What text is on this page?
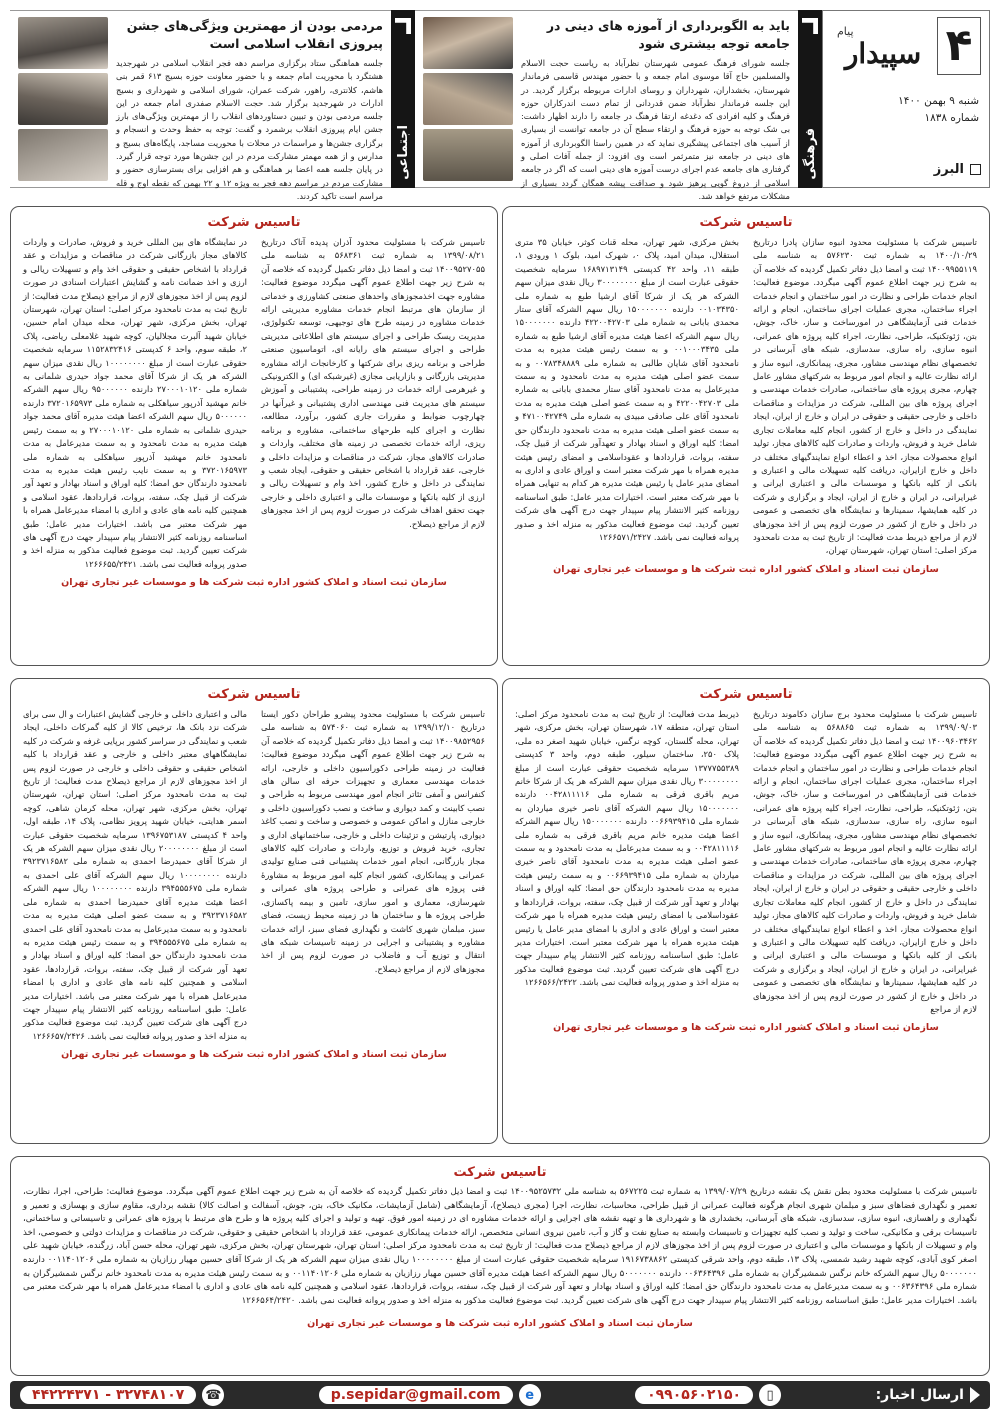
۴
پیام
سپیدار
شنبه ۹ بهمن ۱۴۰۰
شماره ۱۸۳۸
البرز
فرهنگی
باید به الگوبرداری از آموزه های دینی در جامعه توجه بیشتری شود

جلسه شورای فرهنگ عمومی شهرستان نظرآباد به ریاست حجت الاسلام والمسلمین حاج آقا موسوی امام جمعه و با حضور مهندس قاسمی فرماندار شهرستان، بخشداران، شهرداران و روسای ادارات مربوطه برگزار گردید. در این جلسه فرماندار نظرآباد ضمن قدردانی از تمام دست اندرکاران حوزه فرهنگ و کلیه افرادی که دغدغه ارتقا فرهنگ در جامعه را دارند اظهار داشت: بی شک توجه به حوزه فرهنگ و ارتقاء سطح آن در جامعه توانست از بسیاری از آسیب های اجتماعی پیشگیری نماید که در همین راستا الگوبرداری از آموزه های دینی در جامعه نیز متمرثمر است وی افزود: از جمله آفات اصلی و گرفتاری های جامعه عدم اجرای درست آموزه های دینی است که اگر در جامعه اسلامی از دروغ گویی پرهیز شود و صداقت پیشه همگان گردد بسیاری از مشکلات مرتفع خواهد شد.

اجتماعی
مردمی بودن از مهمترین ویژگی‌های جشن پیروزی انقلاب اسلامی است

جلسه هماهنگی ستاد برگزاری مراسم دهه فجر انقلاب اسلامی در شهرجدید هشتگرد با محوریت امام جمعه و با حضور معاونت حوزه بسیج ۶۱۳ قمر بنی هاشم، کلانتری، راهور، شرکت عمران، شورای اسلامی و شهرداری و بسیج ادارات در شهرجدید برگزار شد. حجت الاسلام صفدری امام جمعه در این جلسه مردمی بودن و تبیین دستاوردهای انقلاب را از مهمترین ویژگی‌های بارز جشن ایام پیروزی انقلاب برشمرد و گفت: توجه به حفظ وحدت و انسجام و برگزاری جشن‌ها و مراسمات در محلات با محوریت مساجد، پایگاه‌های بسیج و مدارس و از همه مهمتر مشارکت مردم در این جشن‌ها مورد توجه قرار گیرد. در پایان جلسه همه اعضا بر هماهنگی و هم افزایی برای بسترسازی حضور و مشارکت مردم در مراسم دهه فجر به ویژه ۱۲ و ۲۲ بهمن که نقطه اوج و قله مراسم است تاکید کردند.

تاسیس شرکت
تاسیس شرکت با مسئولیت محدود انبوه سازان پادرا درتاریخ ۱۴۰۰/۱۰/۲۹ به شماره ثبت ۵۷۶۲۳۰ به شناسه ملی ۱۴۰۰۹۹۵۵۱۱۹ ثبت و امضا ذیل دفاتر تکمیل گردیده که خلاصه آن به شرح زیر جهت اطلاع عموم آگهی میگردد. موضوع فعالیت: انجام خدمات طراحی و نظارت در امور ساختمان و انجام خدمات اجراء ساختمان، مجری عملیات اجرای ساختمان، انجام و ارائه خدمات فنی آزمایشگاهی در امورساخت و ساز، خاک، جوش، بتن، ژئوتکنیک، طراحی، نظارت، اجراء کلیه پروژه های عمرانی، انبوه سازی، راه سازی، سدسازی، شبکه های آبرسانی در تخصصهای نظام مهندسی مشاور، مجری، پیمانکاری، انبوه ساز و ارائه نظارت عالیه و انجام امور مربوط به شرکتهای مشاور عامل چهارم، مجری پروژه های ساختمانی، صادرات خدمات مهندسی و اجرای پروژه های بین المللی، شرکت در مزایدات و مناقصات داخلی و خارجی حقیقی و حقوقی در ایران و خارج از ایران، ایجاد نمایندگی در داخل و خارج از کشور، انجام کلیه معاملات تجاری شامل خرید و فروش، واردات و صادرات کلیه کالاهای مجاز، تولید انواع محصولات مجاز، اخذ و اعطاء انواع نمایندگیهای مختلف در داخل و خارج ازایران، دریافت کلیه تسهیلات مالی و اعتباری و بانکی از کلیه بانکها و موسسات مالی و اعتباری ایرانی و غیرایرانی، در ایران و خارج از ایران، ایجاد و برگزاری و شرکت در کلیه همایشها، سمینارها و نمایشگاه های تخصصی و عمومی در داخل و خارج از کشور در صورت لزوم پس از اخذ مجوزهای لازم از مراجع ذیربط مدت فعالیت: از تاریخ ثبت به مدت نامحدود مرکز اصلی: استان تهران، شهرستان تهران،
بخش مرکزی، شهر تهران، محله قنات کوثر، خیابان ۳۵ متری استقلال، میدان امید، پلاک ۰، شهرک امید، بلوک ۱ ورودی ۱، طبقه ۱۱، واحد ۴۲ کدپستی ۱۶۸۹۷۱۳۱۴۹ سرمایه شخصیت حقوقی عبارت است از مبلغ ۳۰۰۰۰۰۰۰۰ ریال نقدی میزان سهم الشرکه هر یک از شرکا آقای ارشیا طبع به شماره ملی ۰۰۱۰۳۴۳۵۰ دارنده ۱۵۰۰۰۰۰۰۰ ریال سهم الشرکه آقای ستار محمدی بابانی به شماره ملی ۴۲۲۰۰۴۲۷۰۳ دارنده ۱۵۰۰۰۰۰۰۰ ریال سهم الشرکه اعضا هیئت مدیره آقای ارشیا طبع به شماره ملی ۰۰۱۰۰۰۳۴۳۵ و به سمت رئیس هیئت مدیره به مدت نامحدود آقای شایان طالبی به شماره ملی ۰۰۷۸۳۴۸۸۸۹ و به سمت عضو اصلی هیئت مدیره به مدت نامحدود و به سمت مدیرعامل به مدت نامحدود آقای ستار محمدی بابانی به شماره ملی ۴۲۲۰۰۴۲۷۰۳ و به سمت عضو اصلی هیئت مدیره به مدت نامحدود آقای علی صادقی مبیدی به شماره ملی ۴۷۱۰۰۴۲۷۴۹ و به سمت عضو اصلی هیئت مدیره به مدت نامحدود دارندگان حق امضا: کلیه اوراق و اسناد بهادار و تعهدآور شرکت از قبیل چک، سفته، بروات، قراردادها و عقوداسلامی و امضای رئیس هیئت مدیره همراه با مهر شرکت معتبر است و اوراق عادی و اداری به امضای مدیر عامل یا رئیس هیئت مدیره هر کدام به تنهایی همراه با مهر شرکت معتبر است. اختیارات مدیر عامل: طبق اساسنامه روزنامه کثیر الانتشار پیام سپیدار جهت درج آگهی های شرکت تعیین گردید. ثبت موضوع فعالیت مذکور به منزله اخذ و صدور پروانه فعالیت نمی باشد. ۱۲۶۶۵۷۱/۲۴۲۷
سازمان ثبت اسناد و املاک کشور اداره ثبت شرکت ها و موسسات غیر تجاری تهران
تاسیس شرکت
تاسیس شرکت با مسئولیت محدود آذران پدیده آتاک درتاریخ ۱۳۹۹/۰۸/۲۱ به شماره ثبت ۵۶۸۳۶۱ به شناسه ملی ۱۴۰۰۹۵۲۷۰۵۵ ثبت و امضا ذیل دفاتر تکمیل گردیده که خلاصه آن به شرح زیر جهت اطلاع عموم آگهی میگردد موضوع فعالیت: مشاوره جهت اخذمجوزهای واحدهای صنعتی کشاورزی و خدماتی از سازمان های مرتبط انجام خدمات مشاوره مدیریتی ارائه خدمات مشاوره در زمینه طرح های توجیهی، توسعه تکنولوژی، مدیریت ریسک طراحی و اجرای سیستم های اطلاعاتی مدیریتی طراحی و اجرای سیستم های رایانه ای، اتوماسیون صنعتی طراحی و برنامه ریزی برای شرکتها و کارخانجات ارائه مشاوره مدیریتی بازرگانی و بازاریابی مجازی (غیرشبکه ای) و الکترونیکی و غیرهرمی ارائه خدمات در زمینه طراحی، پشتیبانی و آموزش سیستم های مدیریت فنی مهندسی اداری پشتیبانی و غیرآنها در چهارچوب ضوابط و مقررات جاری کشور، برآورد، مطالعه، نظارت و اجرای کلیه طرحهای ساختمانی، مشاوره و برنامه ریزی، ارائه خدمات تخصصی در زمینه های مختلف، واردات و صادرات کالاهای مجاز، شرکت در مناقصات و مزایدات داخلی و خارجی، عقد قرارداد با اشخاص حقیقی و حقوقی، ایجاد شعب و نمایندگی در داخل و خارج کشور، اخذ وام و تسهیلات ریالی و ارزی از کلیه بانکها و موسسات مالی و اعتباری داخلی و خارجی جهت تحقق اهداف شرکت در صورت لزوم پس از اخذ مجوزهای لازم از مراجع ذیصلاح.
در نمایشگاه های بین المللی خرید و فروش، صادرات و واردات کالاهای مجاز بازرگانی شرکت در مناقصات و مزایدات و عقد قرارداد با اشخاص حقیقی و حقوقی اخذ وام و تسهیلات ریالی و ارزی و اخذ ضمانت نامه و گشایش اعتبارات اسنادی در صورت لزوم پس از اخذ مجوزهای لازم از مراجع ذیصلاح مدت فعالیت: از تاریخ ثبت به مدت نامحدود مرکز اصلی: استان تهران، شهرستان تهران، بخش مرکزی، شهر تهران، محله میدان امام حسین، خیابان شهید آلبرت مجلالیان، کوچه شهید غلامعلی ریاضی، پلاک ۲، طبقه سوم، واحد ۶ کدپستی ۱۱۵۲۸۳۲۴۱۶ سرمایه شخصیت حقوقی عبارت است از مبلغ ۱۰۰۰۰۰۰۰۰ ریال نقدی میزان سهم الشرکه هر یک از شرکا آقای محمد جواد حیدری شلمانی به شماره ملی ۲۷۰۰۰۱۰۱۲۰ دارنده ۹۵۰۰۰۰۰۰ ریال سهم الشرکه خانم مهشید آذرپور سیاهکلی به شماره ملی ۳۷۲۰۱۶۵۹۷۳ دارنده ۵۰۰۰۰۰۰ ریال سهم الشرکه اعضا هیئت مدیره آقای محمد جواد حیدری شلمانی به شماره ملی ۲۷۰۰۰۱۰۱۲۰ و به سمت رئیس هیئت مدیره به مدت نامحدود و به سمت مدیرعامل به مدت نامحدود خانم مهشید آذرپور سیاهکلی به شماره ملی ۳۷۲۰۱۶۵۹۷۳ و به سمت نایب رئیس هیئت مدیره به مدت نامحدود دارندگان حق امضا: کلیه اوراق و اسناد بهادار و تعهد آور شرکت از قبیل چک، سفته، بروات، قراردادها، عقود اسلامی و همچنین کلیه نامه های عادی و اداری با امضاء مدیرعامل همراه با مهر شرکت معتبر می باشد. اختیارات مدیر عامل: طبق اساسنامه روزنامه کثیر الانتشار پیام سپیدار جهت درج آگهی های شرکت تعیین گردید. ثبت موضوع فعالیت مذکور به منزله اخذ و صدور پروانه فعالیت نمی باشد. ۱۲۶۶۶۵۵/۲۴۲۱
سازمان ثبت اسناد و املاک کشور اداره ثبت شرکت ها و موسسات غیر تجاری تهران
تاسیس شرکت
تاسیس شرکت با مسئولیت محدود برج سازان دکاموند درتاریخ ۱۳۹۹/۰۹/۰۳ به شماره ثبت ۵۶۸۸۶۵ به شناسه ملی ۱۴۰۰۹۶۰۳۴۶۲ ثبت و امضا ذیل دفاتر تکمیل گردیده که خلاصه آن به شرح زیر جهت اطلاع عموم آگهی میگردد موضوع فعالیت: انجام خدمات طراحی و نظارت در امور ساختمان و انجام خدمات اجراء ساختمان، مجری عملیات اجرای ساختمان، انجام و ارائه خدمات فنی آزمایشگاهی در امورساخت و ساز، خاک، جوش، بتن، ژئوتکنیک، طراحی، نظارت، اجراء کلیه پروژه های عمرانی، انبوه سازی، راه سازی، سدسازی، شبکه های آبرسانی در تخصصهای نظام مهندسی مشاور، مجری، پیمانکاری، انبوه ساز و ارائه نظارت عالیه و انجام امور مربوط به شرکتهای مشاور عامل چهارم، مجری پروژه های ساختمانی، صادرات خدمات مهندسی و اجرای پروژه های بین المللی، شرکت در مزایدات و مناقصات داخلی و خارجی حقیقی و حقوقی در ایران و خارج از ایران، ایجاد نمایندگی در داخل و خارج از کشور، انجام کلیه معاملات تجاری شامل خرید و فروش، واردات و صادرات کلیه کالاهای مجاز، تولید انواع محصولات مجاز، اخذ و اعطاء انواع نمایندگیهای مختلف در داخل و خارج ازایران، دریافت کلیه تسهیلات مالی و اعتباری و بانکی از کلیه بانکها و موسسات مالی و اعتباری ایرانی و غیرایرانی، در ایران و خارج از ایران، ایجاد و برگزاری و شرکت در کلیه همایشها، سمینارها و نمایشگاه های تخصصی و عمومی در داخل و خارج از کشور در صورت لزوم پس از اخذ مجوزهای لازم از مراجع
ذیربط مدت فعالیت: از تاریخ ثبت به مدت نامحدود مرکز اصلی: استان تهران، منطقه ۱۷، شهرستان تهران، بخش مرکزی، شهر تهران، محله گلستان، کوچه نرگس، خیابان شهید اصغر ده ملی، پلاک ۲۵۰، ساختمان سیلور، طبقه دوم، واحد ۳ کدپستی ۱۳۷۷۷۵۵۳۸۹ سرمایه شخصیت حقوقی عبارت است از مبلغ ۳۰۰۰۰۰۰۰۰ ریال نقدی میزان سهم الشرکه هر یک از شرکا خانم مریم باقری فرقی به شماره ملی ۰۰۴۲۸۱۱۱۱۶ دارنده ۱۵۰۰۰۰۰۰۰ ریال سهم الشرکه آقای ناصر خیری میاردان به شماره ملی ۰۰۶۶۹۳۹۴۱۵ دارنده ۱۵۰۰۰۰۰۰۰ ریال سهم الشرکه اعضا هیئت مدیره خانم مریم باقری فرقی به شماره ملی ۰۰۴۲۸۱۱۱۱۶ و به سمت مدیرعامل به مدت نامحدود و به سمت عضو اصلی هیئت مدیره به مدت نامحدود آقای ناصر خیری میاردان به شماره ملی ۰۰۶۶۹۳۹۴۱۵ و به سمت رئیس هیئت مدیره به مدت نامحدود دارندگان حق امضا: کلیه اوراق و اسناد بهادار و تعهد آور شرکت از قبیل چک، سفته، بروات، قراردادها و عقوداسلامی با امضای رئیس هیئت مدیره همراه با مهر شرکت معتبر است و اوراق عادی و اداری با امضای مدیر عامل یا رئیس هیئت مدیره همراه با مهر شرکت معتبر است. اختیارات مدیر عامل: طبق اساسنامه روزنامه کثیر الانتشار پیام سپیدار جهت درج آگهی های شرکت تعیین گردید. ثبت موضوع فعالیت مذکور به منزله اخذ و صدور پروانه فعالیت نمی باشد. ۱۲۶۶۵۶۶/۲۴۲۲
سازمان ثبت اسناد و املاک کشور اداره ثبت شرکت ها و موسسات غیر تجاری تهران
تاسیس شرکت
تاسیس شرکت با مسئولیت محدود پیشرو طراحان دکور ایستا درتاریخ ۱۳۹۹/۱۲/۱۰ به شماره ثبت ۵۷۴۰۶۰ به شناسه ملی ۱۴۰۰۹۸۵۲۹۵۶ ثبت و امضا ذیل دفاتر تکمیل گردیده که خلاصه آن به شرح زیر جهت اطلاع عموم آگهی میگردد موضوع فعالیت: فعالیت در زمینه طراحی دکوراسیون داخلی و خارجی، ارائه خدمات مهندسی معماری و تجهیزات حرفه ای سالن های کنفرانس و آمفی تئاتر انجام امور مهندسی مربوط به طراحی و نصب کابینت و کمد دیواری و ساخت و نصب دکوراسیون داخلی و خارجی منازل و اماکن عمومی و خصوصی و ساخت و نصب کاغذ دیواری، پارتیشن و تزئینات داخلی و خارجی، ساختمانهای اداری و تجاری، خرید فروش و توزیع، واردات و صادرات کلیه کالاهای مجاز بازرگانی، انجام امور خدمات پشتیبانی فنی صنایع تولیدی عمرانی و پیمانکاری، کشور انجام کلیه امور مربوط به مشاورهٔ فنی پروژه های عمرانی و طراحی پروژه های عمرانی و شهرسازی، معماری و امور سازی، تامین و بیمه پاکسازی، طراحی پروژه ها و ساختمان ها در زمینه محیط زیست، فضای سبز، مبلمان شهری کاشت و نگهداری فضای سبز، ارائه خدمات مشاوره و پشتیبانی و اجرایی در زمینه تاسیسات شبکه های انتقال و توزیع آب و فاضلاب در صورت لزوم پس از اخذ مجوزهای لازم از مراجع ذیصلاح.
مالی و اعتباری داخلی و خارجی گشایش اعتبارات و ال سی برای شرکت نزد بانک ها، ترخیص کالا از کلیه گمرکات داخلی، ایجاد شعب و نمایندگی در سراسر کشور برپایی غرفه و شرکت در کلیه نمایشگاههای معتبر داخلی و خارجی و عقد قرارداد با کلیه اشخاص حقیقی و حقوقی داخلی و خارجی در صورت لزوم پس از اخذ مجوزهای لازم از مراجع ذیصلاح مدت فعالیت: از تاریخ ثبت به مدت نامحدود مرکز اصلی: استان تهران، شهرستان تهران، بخش مرکزی، شهر تهران، محله کرمان شاهی، کوچه اسمر هدایتی، خیابان شهید پرویز نظامی، پلاک ۱۴، طبقه اول، واحد ۴ کدپستی ۱۳۹۶۷۵۳۱۸۷ سرمایه شخصیت حقوقی عبارت است از مبلغ ۲۰۰۰۰۰۰۰۰ ریال نقدی میزان سهم الشرکه هر یک از شرکا آقای حمیدرضا احمدی به شماره ملی ۳۹۲۳۷۱۶۵۸۲ دارنده ۱۰۰۰۰۰۰۰۰ ریال سهم الشرکه آقای علی احمدی به شماره ملی ۳۹۴۵۵۵۶۷۵ دارنده ۱۰۰۰۰۰۰۰۰ ریال سهم الشرکه اعضا هیئت مدیره آقای حمیدرضا احمدی به شماره ملی ۳۹۲۳۷۱۶۵۸۲ و به سمت عضو اصلی هیئت مدیره به مدت نامحدود و به سمت مدیرعامل به مدت نامحدود آقای علی احمدی به شماره ملی ۳۹۴۵۵۵۶۷۵ و به سمت رئیس هیئت مدیره به مدت نامحدود دارندگان حق امضا: کلیه اوراق و اسناد بهادار و تعهد آور شرکت از قبیل چک، سفته، بروات، قراردادها، عقود اسلامی و همچنین کلیه نامه های عادی و اداری با امضاء مدیرعامل همراه با مهر شرکت معتبر می باشد. اختیارات مدیر عامل: طبق اساسنامه روزنامه کثیر الانتشار پیام سپیدار جهت درج آگهی های شرکت تعیین گردید. ثبت موضوع فعالیت مذکور به منزله اخذ و صدور پروانه فعالیت نمی باشد. ۱۲۶۶۶۵۷/۲۴۲۶
سازمان ثبت اسناد و املاک کشور اداره ثبت شرکت ها و موسسات غیر تجاری تهران
تاسیس شرکت
تاسیس شرکت با مسئولیت محدود بطن نقش یک نقشه درتاریخ ۱۳۹۹/۰۷/۲۹ به شماره ثبت ۵۶۷۲۲۵ به شناسه ملی ۱۴۰۰۹۵۲۵۷۳۲ ثبت و امضا ذیل دفاتر تکمیل گردیده که خلاصه آن به شرح زیر جهت اطلاع عموم آگهی میگردد. موضوع فعالیت: طراحی، اجرا، نظارت، تعمیر و نگهداری فضاهای سبز و مبلمان شهری انجام هرگونه فعالیت عمرانی از قبیل طراحی، محاسبات، نظارت، اجرا (مجری ذیصلاح)، آزمایشگاهی (شامل آزمایشات، مکانیک خاک، بتن، جوش، آسفالت و اصالت کالا) نقشه برداری، مقاوم سازی و بهسازی و تعمیر و نگهداری و راهسازی، انبوه سازی، سدسازی، شبکه های آبرسانی، بخشداری ها و شهرداری ها و تهیه نقشه های اجرایی و ارائه خدمات مشاوره ای در زمینه امور فوق. تهیه و تولید و اجرای کلیه پروژه ها و طرح های مرتبط با پروژه های عمرانی و تاسیساتی و ساختمانی، تاسیسات برقی و مکانیکی، ساخت و تولید و نصب کلیه تجهیزات و تاسیسات وابسته به صنایع نفت و گاز و آب، تامین نیروی انسانی متخصص، ارائه خدمات پیمانکاری عمومی، عقد قرارداد با اشخاص حقیقی و حقوقی، شرکت در مناقصات و مزایدات دولتی و خصوصی، اخذ وام و تسهیلات از بانکها و موسسات مالی و اعتباری در صورت لزوم پس از اخذ مجوزهای لازم از مراجع ذیصلاح مدت فعالیت: از تاریخ ثبت به مدت نامحدود مرکز اصلی: استان تهران، شهرستان تهران، بخش مرکزی، شهر تهران، محله حسن آباد، زرگنده، خیابان شهید علی اصغر کوی آبادی، کوچه شهید رشید شمسی، پلاک ۱۳، طبقه دوم، واحد شرقی کدپستی ۱۹۱۶۷۳۸۸۶۲ سرمایه شخصیت حقوقی عبارت است از مبلغ ۱۰۰۰۰۰۰۰۰ ریال نقدی میزان سهم الشرکه هر یک از شرکا آقای حسین مهیار رزازیان به شماره ملی ۰۰۱۱۴۰۱۲۰۶ دارنده ۵۰۰۰۰۰۰۰ ریال سهم الشرکه خانم نرگس شمشیرگران به شماره ملی ۰۰۶۳۶۴۳۹۶ دارنده ۵۰۰۰۰۰۰۰ ریال سهم الشرکه اعضا هیئت مدیره آقای حسین مهیار رزازیان به شماره ملی ۰۰۱۱۴۰۱۲۰۶ و به سمت رئیس هیئت مدیره به مدت نامحدود خانم نرگس شمشیرگران به شماره ملی ۰۰۶۳۶۴۳۹۶ و به سمت مدیرعامل به مدت نامحدود دارندگان حق امضا: کلیه اوراق و اسناد بهادار و تعهد آور شرکت از قبیل چک، سفته، بروات، قراردادها، عقود اسلامی و همچنین کلیه نامه های عادی و اداری با امضاء مدیرعامل همراه با مهر شرکت معتبر می باشد. اختیارات مدیر عامل: طبق اساسنامه روزنامه کثیر الانتشار پیام سپیدار جهت درج آگهی های شرکت تعیین گردید. ثبت موضوع فعالیت مذکور به منزله اخذ و صدور پروانه فعالیت نمی باشد. ۱۲۶۶۵۶۴/۲۴۲۰
سازمان ثبت اسناد و املاک کشور اداره ثبت شرکت ها و موسسات غیر تجاری تهران
ارسال اخبار:
▯
۰۹۹۰۵۶۰۲۱۵۰
e
p.sepidar@gmail.com
☎
۴۴۲۲۴۳۷۱ - ۳۲۷۴۸۱۰۷
